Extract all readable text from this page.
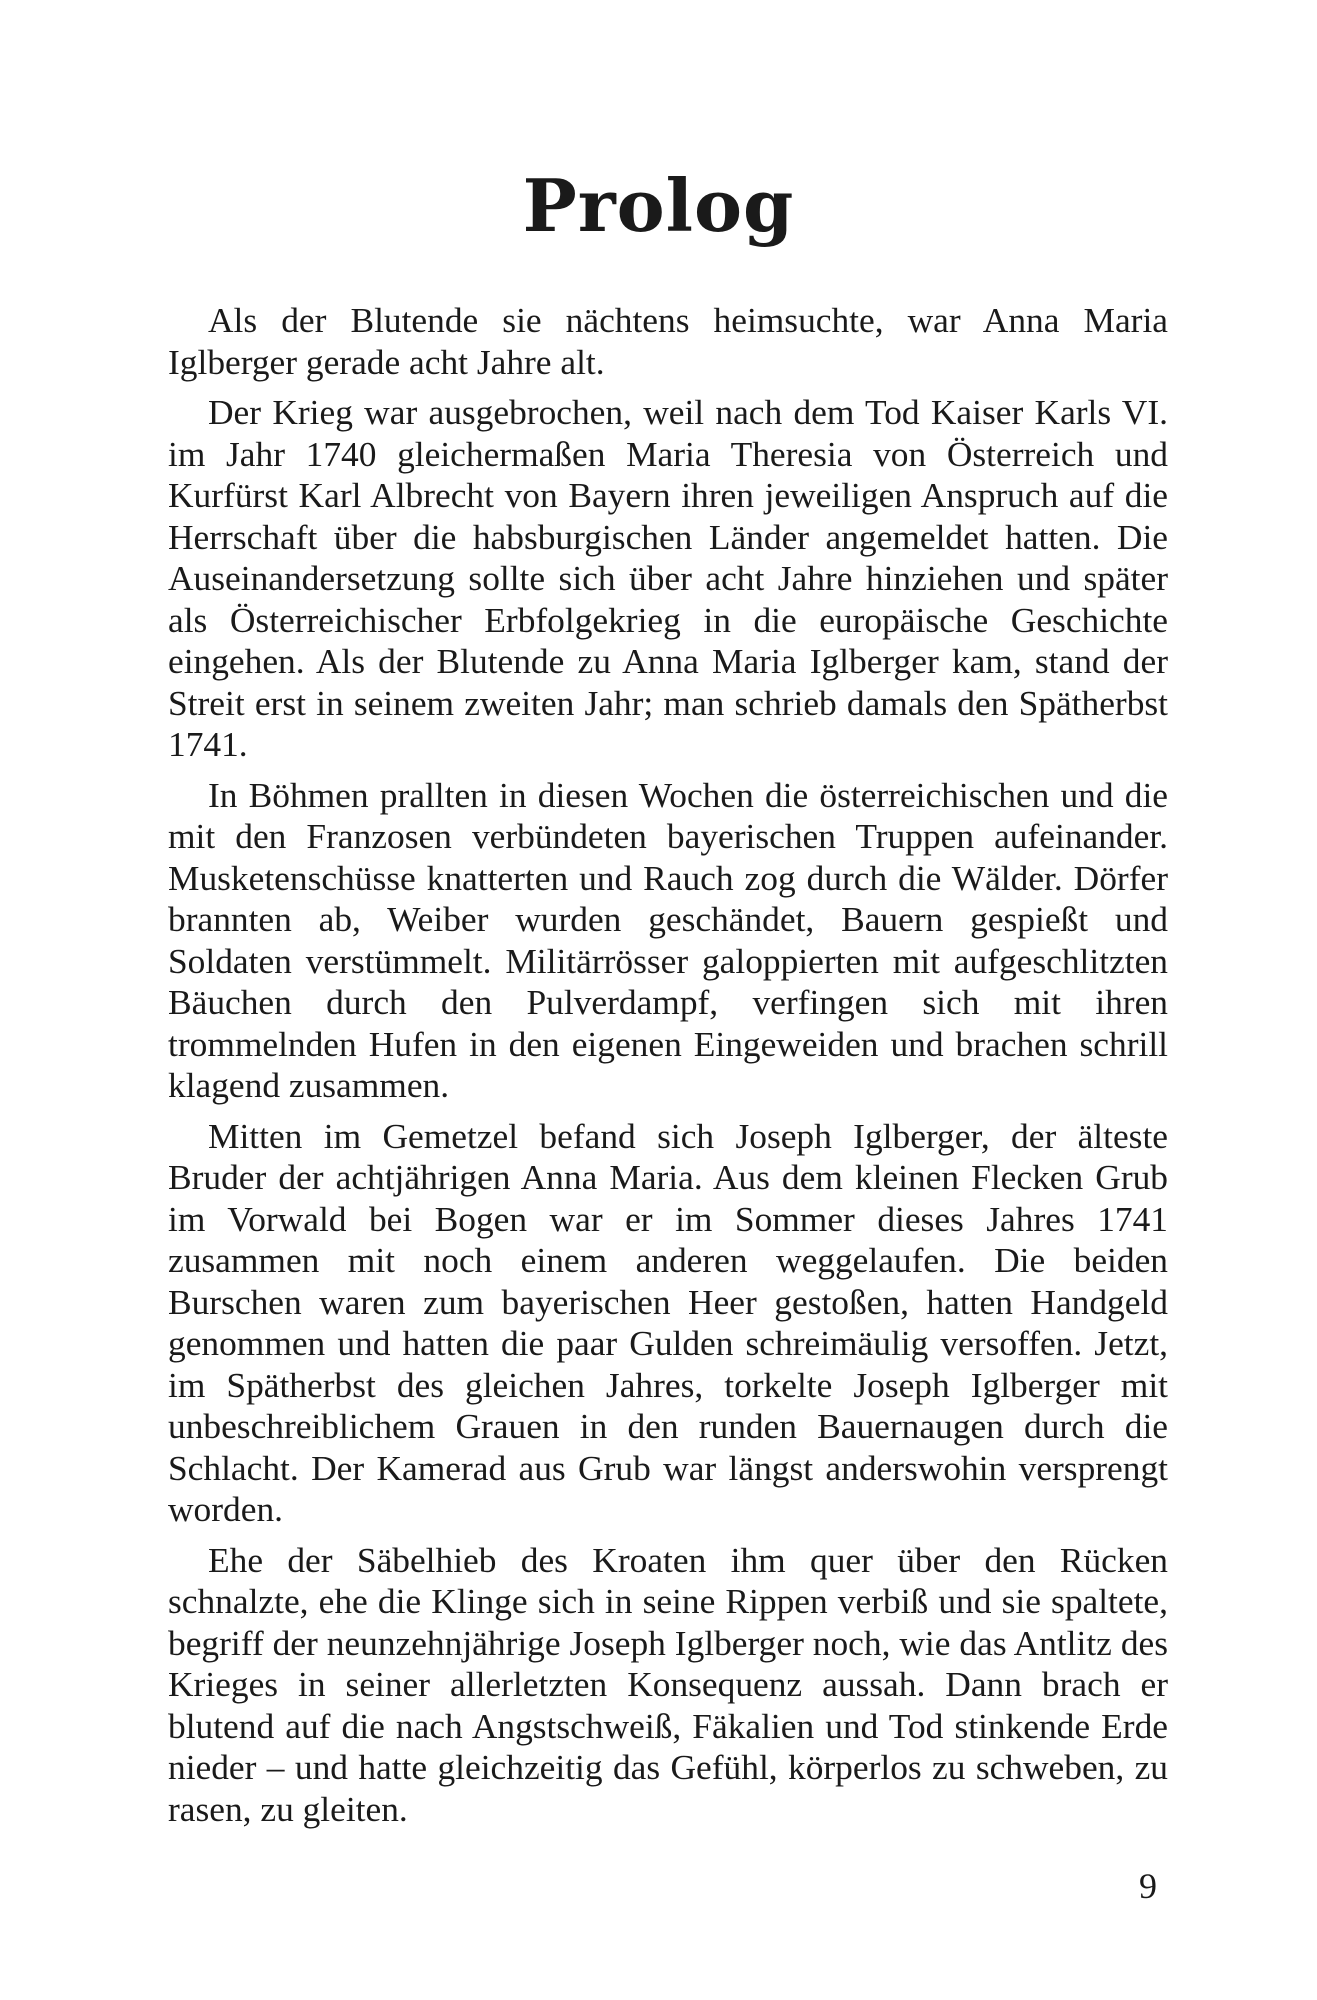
Prolog

Als der Blutende sie nächtens heimsuchte, war Anna Maria Iglberger gerade acht Jahre alt.

Der Krieg war ausgebrochen, weil nach dem Tod Kaiser Karls VI. im Jahr 1740 gleichermaßen Maria Theresia von Österreich und Kurfürst Karl Albrecht von Bayern ihren jeweiligen Anspruch auf die Herrschaft über die habsburgischen Länder angemeldet hatten. Die Auseinandersetzung sollte sich über acht Jahre hinziehen und später als Österreichischer Erbfolgekrieg in die europäische Geschichte eingehen. Als der Blutende zu Anna Maria Iglberger kam, stand der Streit erst in seinem zweiten Jahr; man schrieb damals den Spätherbst 1741.

In Böhmen prallten in diesen Wochen die österreichischen und die mit den Franzosen verbündeten bayerischen Truppen aufeinander. Musketenschüsse knatterten und Rauch zog durch die Wälder. Dörfer brannten ab, Weiber wurden geschändet, Bauern gespießt und Soldaten verstümmelt. Militärrösser galoppierten mit aufgeschlitzten Bäuchen durch den Pulverdampf, verfingen sich mit ihren trommelnden Hufen in den eigenen Eingeweiden und brachen schrill klagend zusammen.

Mitten im Gemetzel befand sich Joseph Iglberger, der älteste Bruder der achtjährigen Anna Maria. Aus dem kleinen Flecken Grub im Vorwald bei Bogen war er im Sommer dieses Jahres 1741 zusammen mit noch einem anderen weggelaufen. Die beiden Burschen waren zum bayerischen Heer gestoßen, hatten Handgeld genommen und hatten die paar Gulden schreimäulig versoffen. Jetzt, im Spätherbst des gleichen Jahres, torkelte Joseph Iglberger mit unbeschreiblichem Grauen in den runden Bauernaugen durch die Schlacht. Der Kamerad aus Grub war längst anderswohin versprengt worden.

Ehe der Säbelhieb des Kroaten ihm quer über den Rücken schnalzte, ehe die Klinge sich in seine Rippen verbiß und sie spaltete, begriff der neunzehnjährige Joseph Iglberger noch, wie das Antlitz des Krieges in seiner allerletzten Konsequenz aussah. Dann brach er blutend auf die nach Angstschweiß, Fäkalien und Tod stinkende Erde nieder – und hatte gleichzeitig das Gefühl, körperlos zu schweben, zu rasen, zu gleiten.

9
